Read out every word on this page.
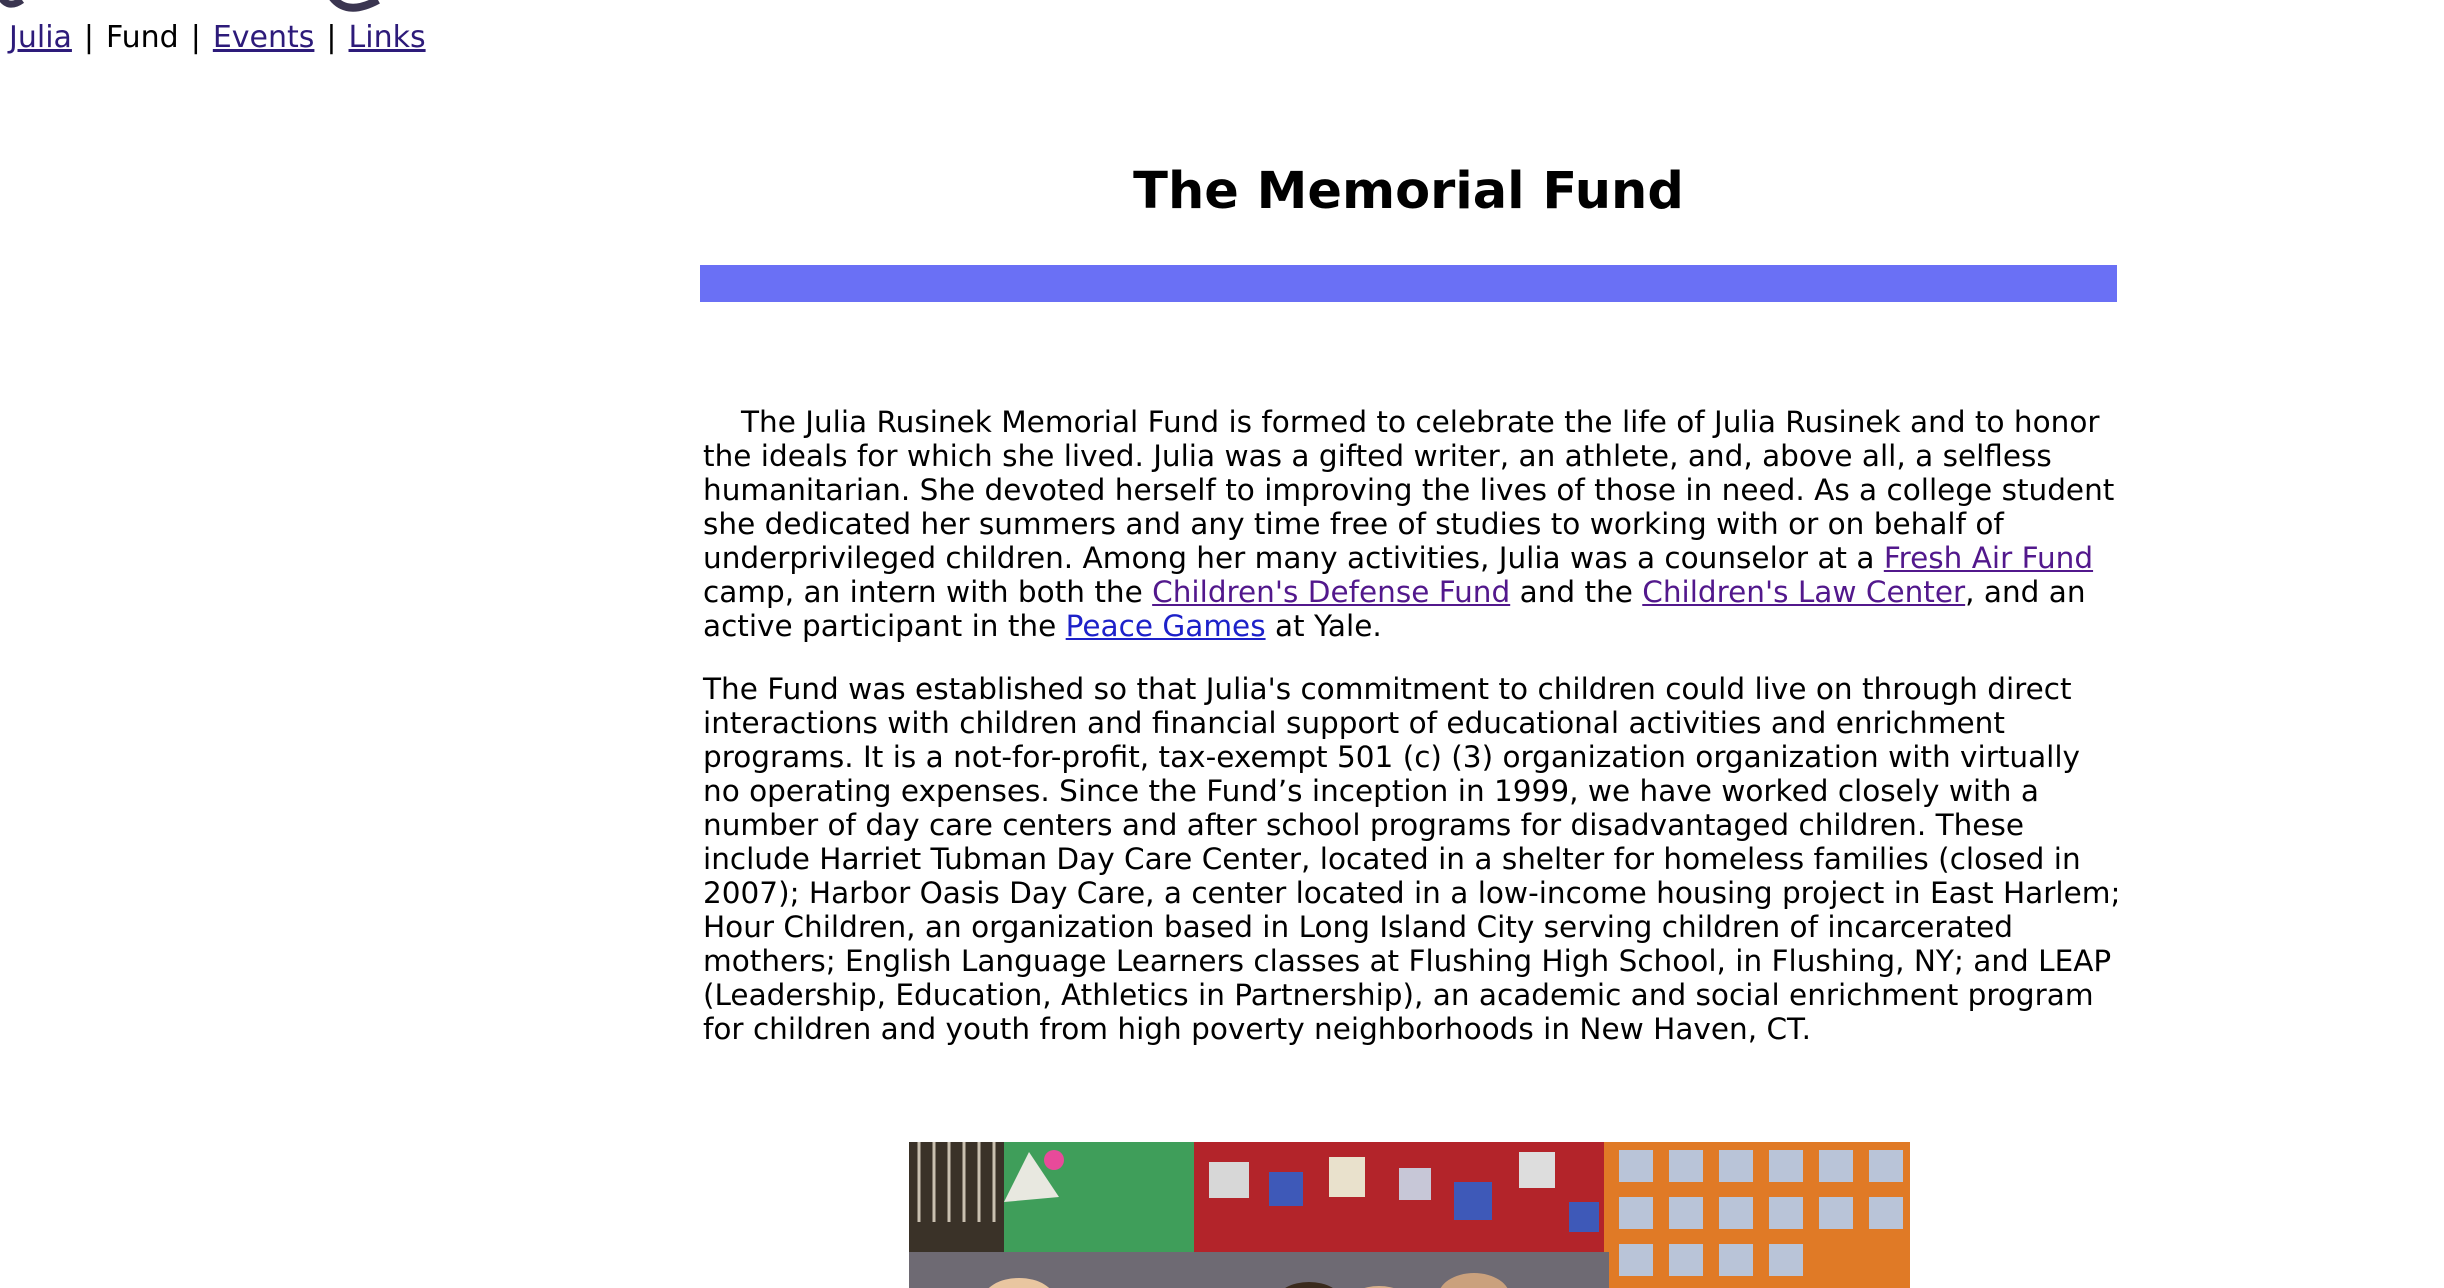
Julia | Fund | Events | Links
The Memorial Fund

The Julia Rusinek Memorial Fund is formed to celebrate the life of Julia Rusinek and to honor the ideals for which she lived. Julia was a gifted writer, an athlete, and, above all, a selfless humanitarian. She devoted herself to improving the lives of those in need. As a college student she dedicated her summers and any time free of studies to working with or on behalf of underprivileged children. Among her many activities, Julia was a counselor at a Fresh Air Fund camp, an intern with both the Children's Defense Fund and the Children's Law Center, and an active participant in the Peace Games at Yale.

The Fund was established so that Julia's commitment to children could live on through direct interactions with children and financial support of educational activities and enrichment programs. It is a not-for-profit, tax-exempt 501 (c) (3) organization organization with virtually no operating expenses. Since the Fund’s inception in 1999, we have worked closely with a number of day care centers and after school programs for disadvantaged children. These include Harriet Tubman Day Care Center, located in a shelter for homeless families (closed in 2007); Harbor Oasis Day Care, a center located in a low-income housing project in East Harlem; Hour Children, an organization based in Long Island City serving children of incarcerated mothers; English Language Learners classes at Flushing High School, in Flushing, NY; and LEAP (Leadership, Education, Athletics in Partnership), an academic and social enrichment program for children and youth from high poverty neighborhoods in New Haven, CT.
